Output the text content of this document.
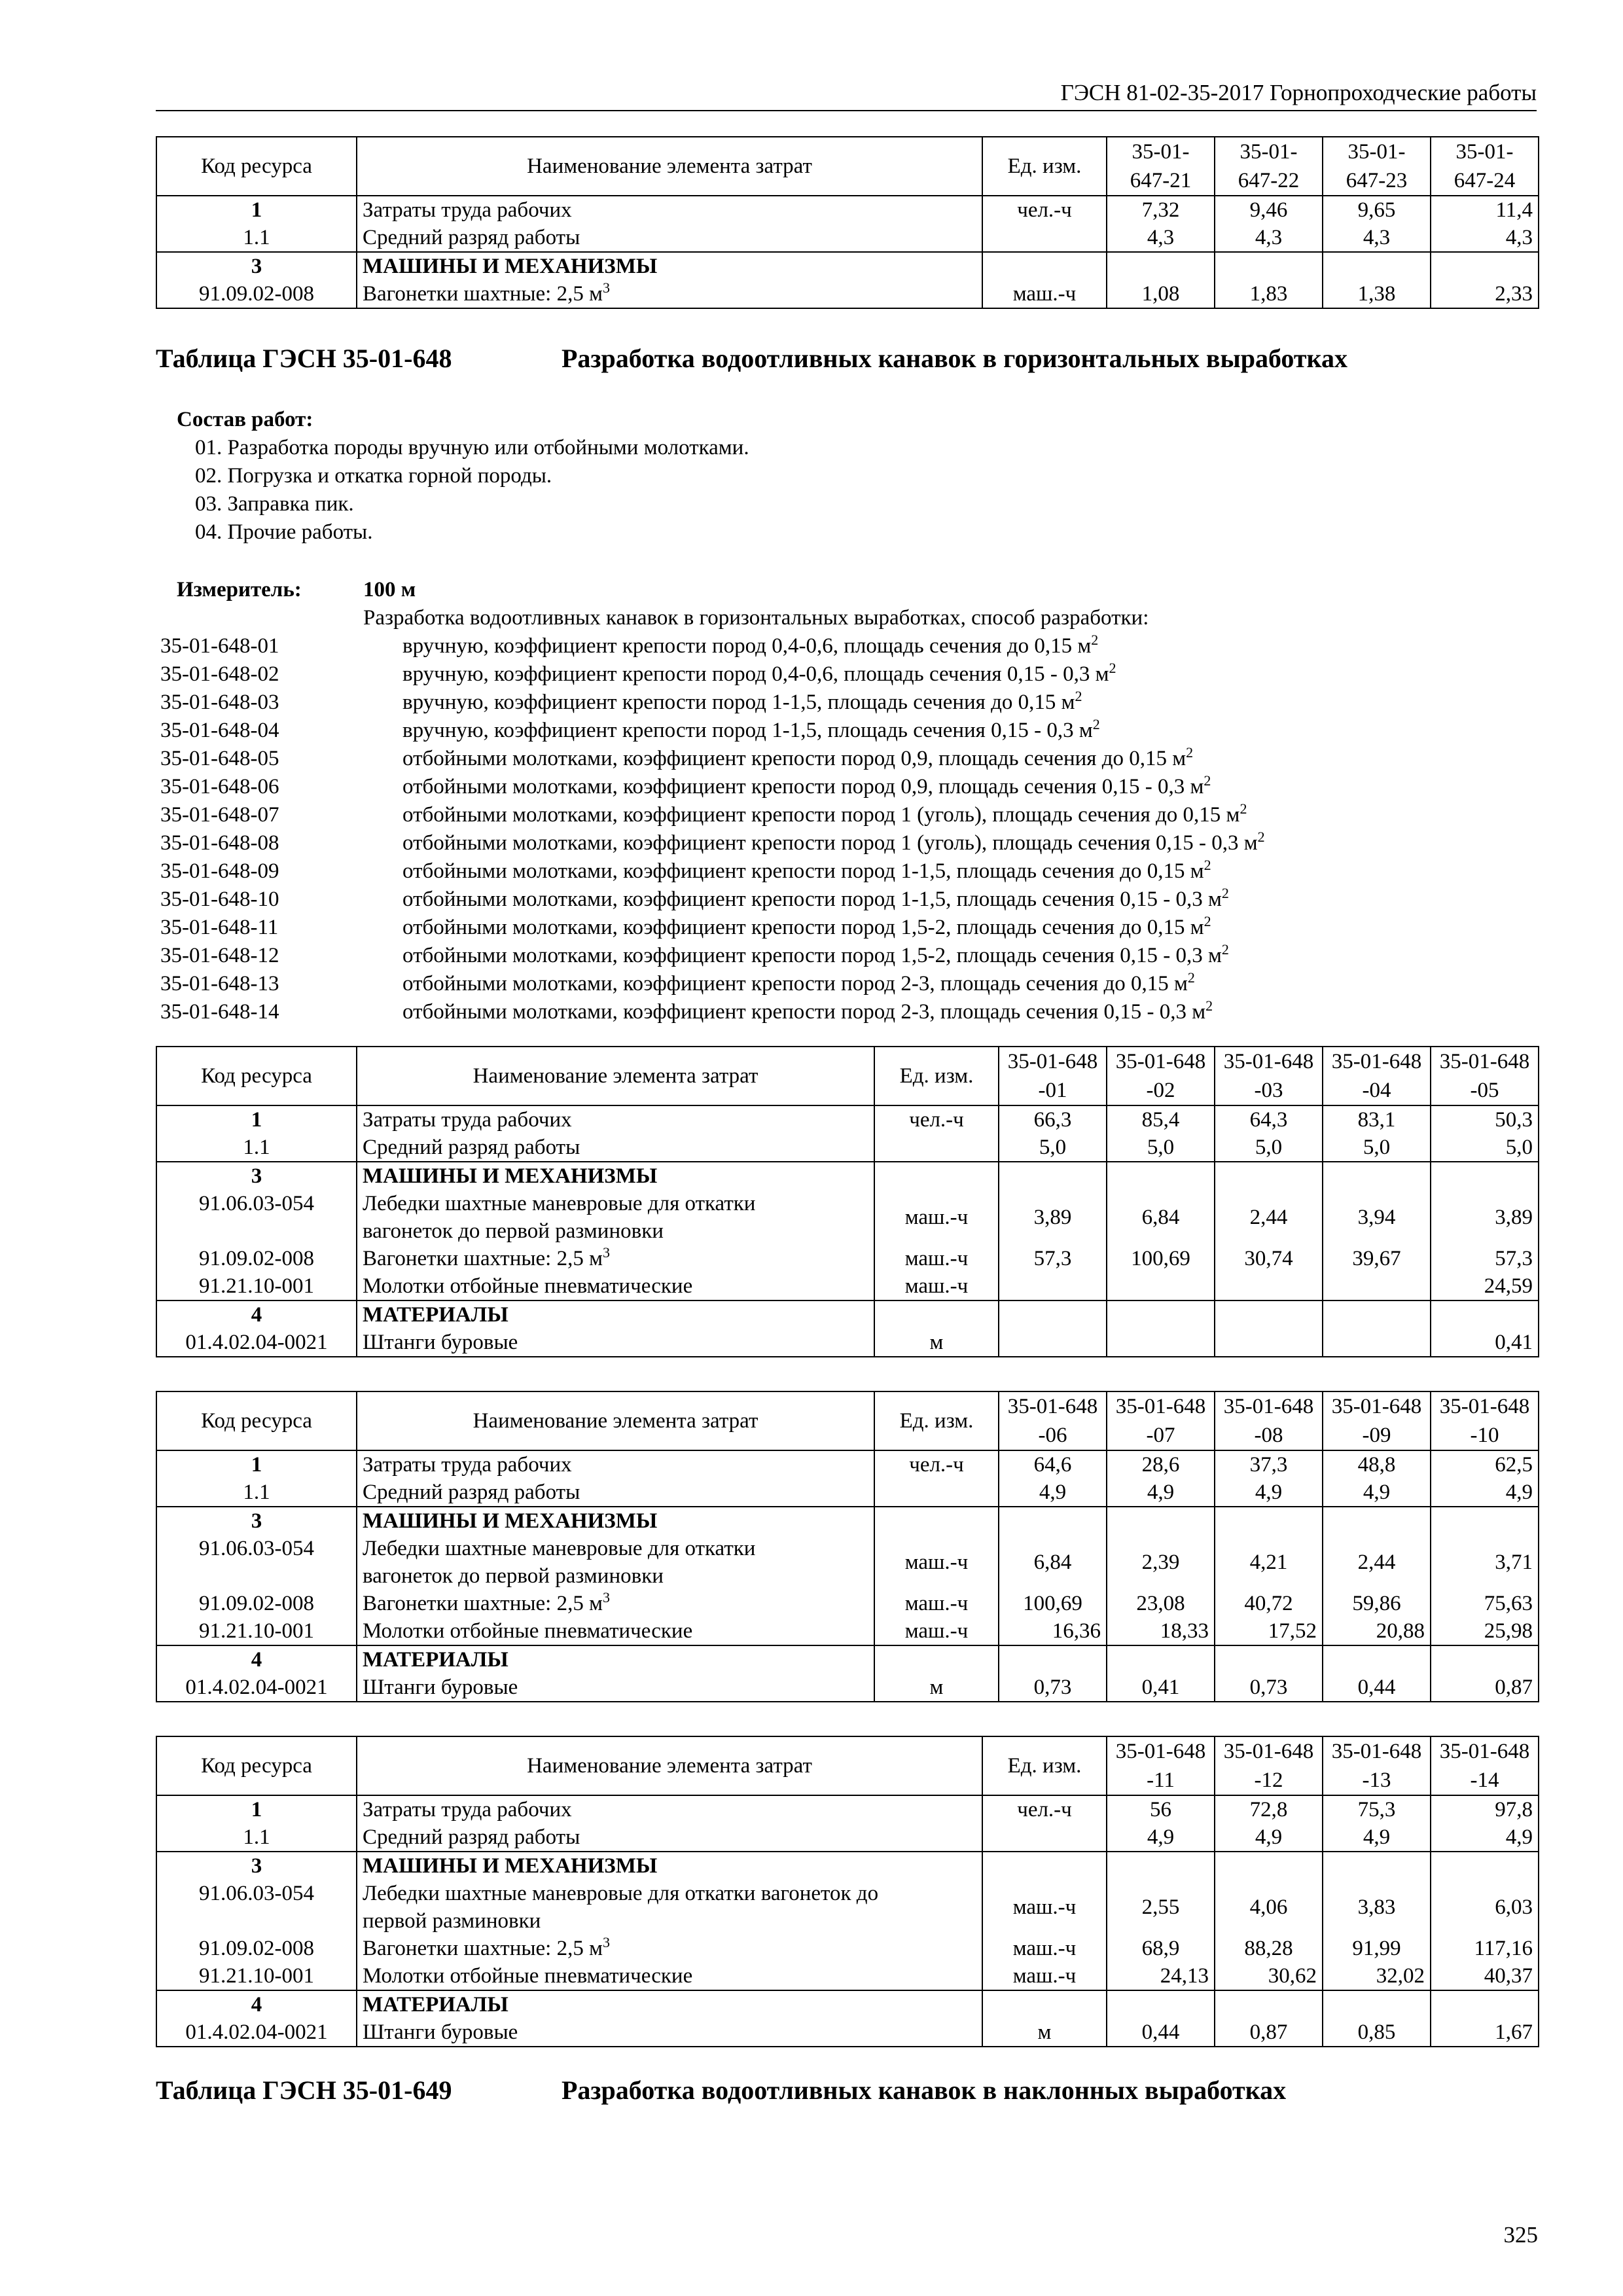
ГЭСН 81-02-35-2017 Горнопроходческие работы
Код ресурса	Наименование элемента затрат	Ед. изм.	35-01-647-21	35-01-647-22	35-01-647-23	35-01-647-24
1	Затраты труда рабочих	чел.-ч	7,32	9,46	9,65	11,4
1.1	Средний разряд работы		4,3	4,3	4,3	4,3
3	МАШИНЫ И МЕХАНИЗМЫ					
91.09.02-008	Вагонетки шахтные: 2,5 $м^3$	маш.-ч	1,08	1,83	1,38	2,33
Таблица ГЭСН 35-01-648	Разработка водоотливных канавок в горизонтальных выработках
Состав работ:
01. Разработка породы вручную или отбойными молотками.
02. Погрузка и откатка горной породы.
03. Заправка пик.
04. Прочие работы.
Измеритель:	100 м
Разработка водоотливных канавок в горизонтальных выработках, способ разработки:
35-01-648-01	вручную, коэффициент крепости пород 0,4-0,6, площадь сечения до 0,15 $м^2$
35-01-648-02	вручную, коэффициент крепости пород 0,4-0,6, площадь сечения 0,15 - 0,3 $м^2$
35-01-648-03	вручную, коэффициент крепости пород 1-1,5, площадь сечения до 0,15 $м^2$
35-01-648-04	вручную, коэффициент крепости пород 1-1,5, площадь сечения 0,15 - 0,3 $м^2$
35-01-648-05	отбойными молотками, коэффициент крепости пород 0,9, площадь сечения до 0,15 $м^2$
35-01-648-06	отбойными молотками, коэффициент крепости пород 0,9, площадь сечения 0,15 - 0,3 $м^2$
35-01-648-07	отбойными молотками, коэффициент крепости пород 1 (уголь), площадь сечения до 0,15 $м^2$
35-01-648-08	отбойными молотками, коэффициент крепости пород 1 (уголь), площадь сечения 0,15 - 0,3 $м^2$
35-01-648-09	отбойными молотками, коэффициент крепости пород 1-1,5, площадь сечения до 0,15 $м^2$
35-01-648-10	отбойными молотками, коэффициент крепости пород 1-1,5, площадь сечения 0,15 - 0,3 $м^2$
35-01-648-11	отбойными молотками, коэффициент крепости пород 1,5-2, площадь сечения до 0,15 $м^2$
35-01-648-12	отбойными молотками, коэффициент крепости пород 1,5-2, площадь сечения 0,15 - 0,3 $м^2$
35-01-648-13	отбойными молотками, коэффициент крепости пород 2-3, площадь сечения до 0,15 $м^2$
35-01-648-14	отбойными молотками, коэффициент крепости пород 2-3, площадь сечения 0,15 - 0,3 $м^2$
Код ресурса	Наименование элемента затрат	Ед. изм.	35-01-648-01	35-01-648-02	35-01-648-03	35-01-648-04	35-01-648-05
1	Затраты труда рабочих	чел.-ч	66,3	85,4	64,3	83,1	50,3
1.1	Средний разряд работы		5,0	5,0	5,0	5,0	5,0
3	МАШИНЫ И МЕХАНИЗМЫ						
91.06.03-054	Лебедки шахтные маневровые для откатки
вагонеток до первой разминовки	маш.-ч	3,89	6,84	2,44	3,94	3,89
91.09.02-008	Вагонетки шахтные: 2,5 $м^3$	маш.-ч	57,3	100,69	30,74	39,67	57,3
91.21.10-001	Молотки отбойные пневматические	маш.-ч					24,59
4	МАТЕРИАЛЫ						
01.4.02.04-0021	Штанги буровые	м					0,41
Код ресурса	Наименование элемента затрат	Ед. изм.	35-01-648-06	35-01-648-07	35-01-648-08	35-01-648-09	35-01-648-10
1	Затраты труда рабочих	чел.-ч	64,6	28,6	37,3	48,8	62,5
1.1	Средний разряд работы		4,9	4,9	4,9	4,9	4,9
3	МАШИНЫ И МЕХАНИЗМЫ						
91.06.03-054	Лебедки шахтные маневровые для откатки
вагонеток до первой разминовки	маш.-ч	6,84	2,39	4,21	2,44	3,71
91.09.02-008	Вагонетки шахтные: 2,5 $м^3$	маш.-ч	100,69	23,08	40,72	59,86	75,63
91.21.10-001	Молотки отбойные пневматические	маш.-ч	16,36	18,33	17,52	20,88	25,98
4	МАТЕРИАЛЫ						
01.4.02.04-0021	Штанги буровые	м	0,73	0,41	0,73	0,44	0,87
Код ресурса	Наименование элемента затрат	Ед. изм.	35-01-648-11	35-01-648-12	35-01-648-13	35-01-648-14
1	Затраты труда рабочих	чел.-ч	56	72,8	75,3	97,8
1.1	Средний разряд работы		4,9	4,9	4,9	4,9
3	МАШИНЫ И МЕХАНИЗМЫ					
91.06.03-054	Лебедки шахтные маневровые для откатки вагонеток до
первой разминовки	маш.-ч	2,55	4,06	3,83	6,03
91.09.02-008	Вагонетки шахтные: 2,5 $м^3$	маш.-ч	68,9	88,28	91,99	117,16
91.21.10-001	Молотки отбойные пневматические	маш.-ч	24,13	30,62	32,02	40,37
4	МАТЕРИАЛЫ					
01.4.02.04-0021	Штанги буровые	м	0,44	0,87	0,85	1,67
Таблица ГЭСН 35-01-649	Разработка водоотливных канавок в наклонных выработках
325
